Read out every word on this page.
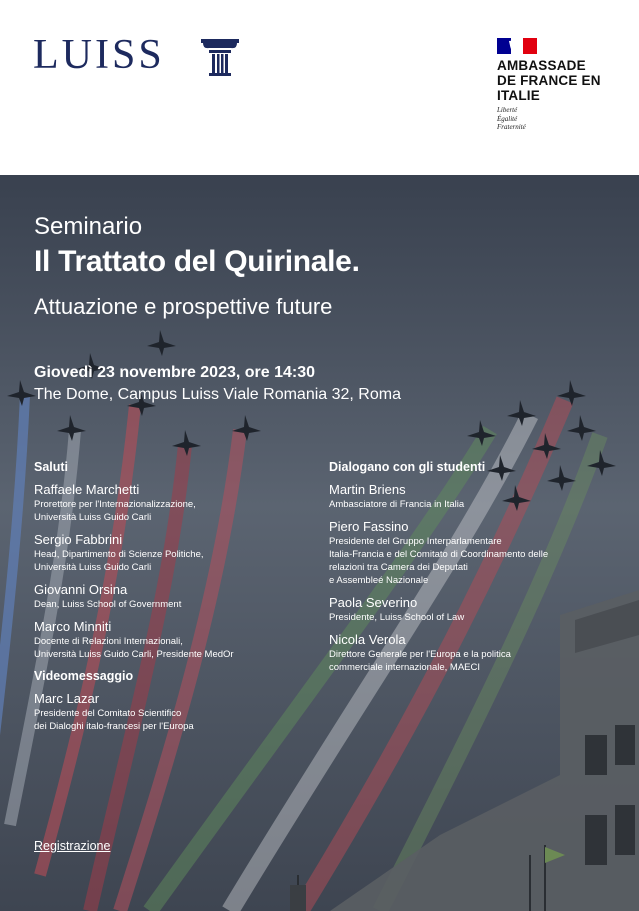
LUISS	AMBASSADE
DE FRANCE EN
ITALIE
Liberté
Égalité
Fraternité
Seminario
Il Trattato del Quirinale.
Attuazione e prospettive future
Giovedì 23 novembre 2023, ore 14:30
The Dome, Campus Luiss Viale Romania 32, Roma
Saluti
Raffaele Marchetti
Prorettore per l'Internazionalizzazione,
Università Luiss Guido Carli
Sergio Fabbrini
Head, Dipartimento di Scienze Politiche,
Università Luiss Guido Carli
Giovanni Orsina
Dean, Luiss School of Government
Marco Minniti
Docente di Relazioni Internazionali,
Università Luiss Guido Carli, Presidente MedOr
Videomessaggio
Marc Lazar
Presidente del Comitato Scientifico
dei Dialoghi italo-francesi per l'Europa
Dialogano con gli studenti
Martin Briens
Ambasciatore di Francia in Italia
Piero Fassino
Presidente del Gruppo Interparlamentare
Italia-Francia e del Comitato di Coordinamento delle
relazioni tra Camera dei Deputati
e Assembleé Nazionale
Paola Severino
Presidente, Luiss School of Law
Nicola Verola
Direttore Generale per l'Europa e la politica
commerciale internazionale, MAECI
Registrazione
